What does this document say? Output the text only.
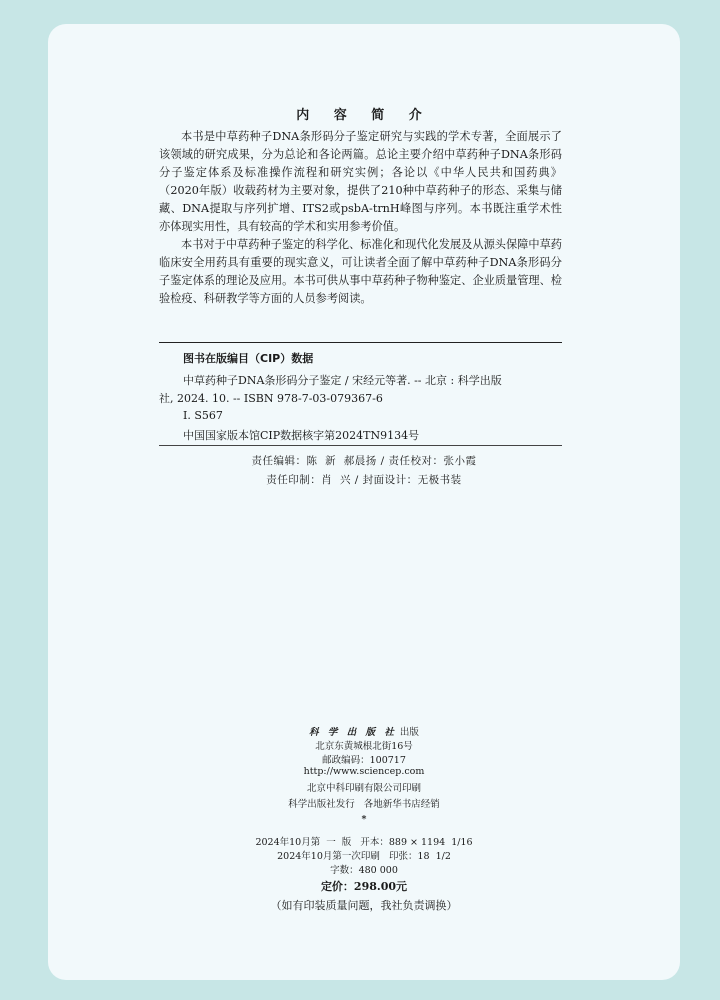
内 容 简 介

本书是中草药种子DNA条形码分子鉴定研究与实践的学术专著，全面展示了该领域的研究成果，分为总论和各论两篇。总论主要介绍中草药种子DNA条形码分子鉴定体系及标准操作流程和研究实例；各论以《中华人民共和国药典》（2020年版）收载药材为主要对象，提供了210种中草药种子的形态、采集与储藏、DNA提取与序列扩增、ITS2或psbA-trnH峰图与序列。本书既注重学术性亦体现实用性，具有较高的学术和实用参考价值。

本书对于中草药种子鉴定的科学化、标准化和现代化发展及从源头保障中草药临床安全用药具有重要的现实意义，可让读者全面了解中草药种子DNA条形码分子鉴定体系的理论及应用。本书可供从事中草药种子物种鉴定、企业质量管理、检验检疫、科研教学等方面的人员参考阅读。

图书在版编目（CIP）数据
中草药种子DNA条形码分子鉴定 / 宋经元等著. -- 北京 : 科学出版
社, 2024. 10. -- ISBN 978-7-03-079367-6
Ⅰ. S567
中国国家版本馆CIP数据核字第2024TN9134号
责任编辑：陈  新  郝晨扬 / 责任校对：张小霞
责任印制：肖  兴 / 封面设计：无极书装
科 学 出 版 社 出版
北京东黄城根北街16号
邮政编码：100717
http://www.sciencep.com
北京中科印刷有限公司印刷
科学出版社发行   各地新华书店经销
*
2024年10月第  一  版   开本：889 × 1194  1/16
2024年10月第一次印刷   印张：18  1/2
字数：480 000
定价：298.00元
（如有印装质量问题，我社负责调换）
